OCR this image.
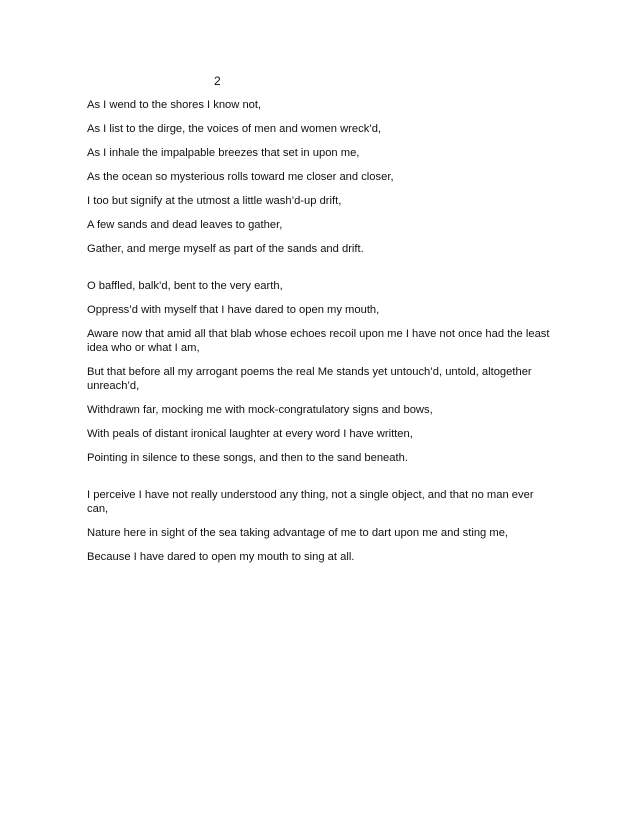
2

As I wend to the shores I know not,

As I list to the dirge, the voices of men and women wreck’d,

As I inhale the impalpable breezes that set in upon me,

As the ocean so mysterious rolls toward me closer and closer,

I too but signify at the utmost a little wash’d-up drift,

A few sands and dead leaves to gather,

Gather, and merge myself as part of the sands and drift.

O baffled, balk’d, bent to the very earth,

Oppress’d with myself that I have dared to open my mouth,

Aware now that amid all that blab whose echoes recoil upon me I have not once had the least idea who or what I am,

But that before all my arrogant poems the real Me stands yet untouch’d, untold, altogether unreach’d,

Withdrawn far, mocking me with mock-congratulatory signs and bows,

With peals of distant ironical laughter at every word I have written,

Pointing in silence to these songs, and then to the sand beneath.

I perceive I have not really understood any thing, not a single object, and that no man ever can,

Nature here in sight of the sea taking advantage of me to dart upon me and sting me,

Because I have dared to open my mouth to sing at all.
